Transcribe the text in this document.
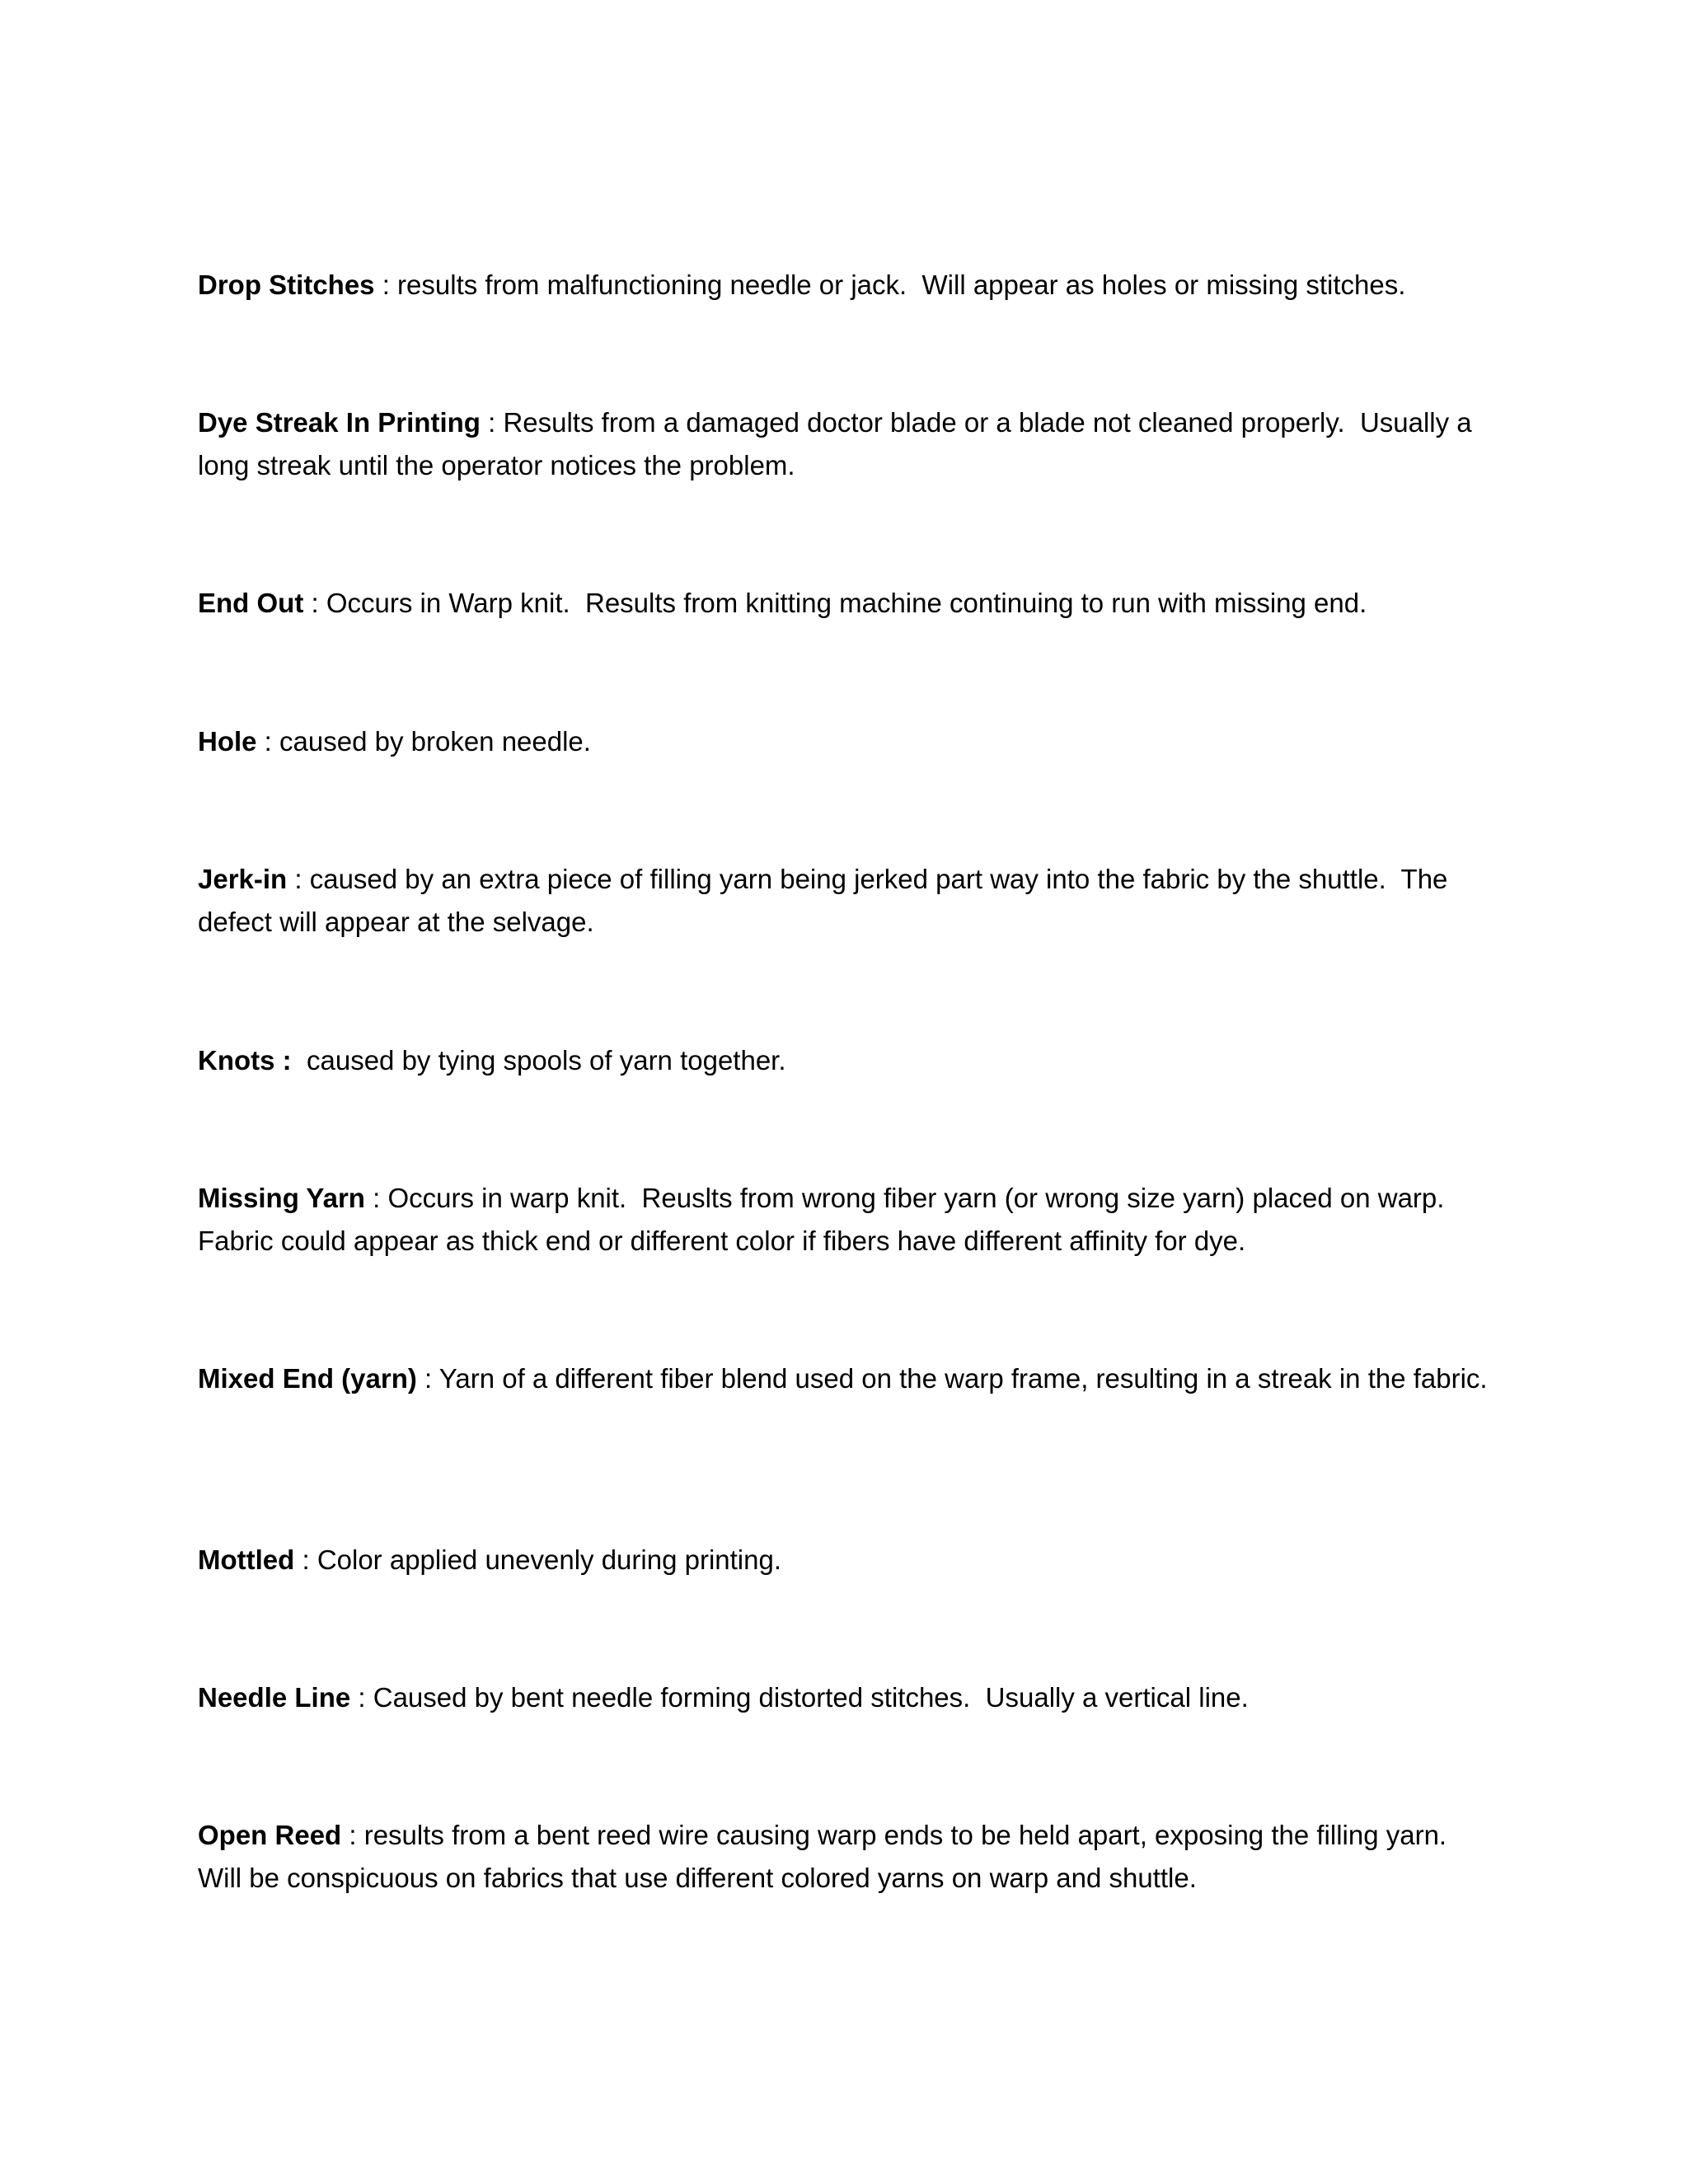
Drop Stitches : results from malfunctioning needle or jack.  Will appear as holes or missing stitches.

Dye Streak In Printing : Results from a damaged doctor blade or a blade not cleaned properly.  Usually a long streak until the operator notices the problem.

End Out : Occurs in Warp knit.  Results from knitting machine continuing to run with missing end.

Hole : caused by broken needle.

Jerk-in : caused by an extra piece of filling yarn being jerked part way into the fabric by the shuttle.  The defect will appear at the selvage.

Knots :  caused by tying spools of yarn together.

Missing Yarn : Occurs in warp knit.  Reuslts from wrong fiber yarn (or wrong size yarn) placed on warp.  Fabric could appear as thick end or different color if fibers have different affinity for dye.

Mixed End (yarn) : Yarn of a different fiber blend used on the warp frame, resulting in a streak in the fabric.

Mottled : Color applied unevenly during printing.

Needle Line : Caused by bent needle forming distorted stitches.  Usually a vertical line.

Open Reed : results from a bent reed wire causing warp ends to be held apart, exposing the filling yarn.  Will be conspicuous on fabrics that use different colored yarns on warp and shuttle.
